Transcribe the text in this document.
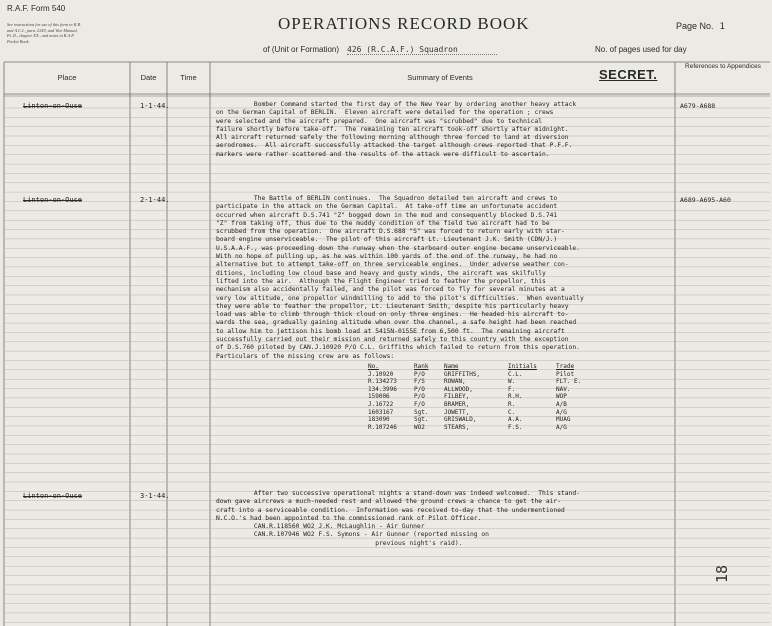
R.A.F. Form 540
See instructions for use of this form in K.R. and A.C.I., para. 2349, and War Manual, Pt. II., chapter XX., and notes in R.A.F. Pocket Book.
OPERATIONS RECORD BOOK	Page No. 1
of (Unit or Formation) 426 (R.C.A.F.) Squadron	No. of pages used for day
Place	Date	Time	Summary of Events	SECRET.
References to Appendices
Linton-on-Ouse	1-1-44.	A679-A688
Bomber Command started the first day of the New Year by ordering another heavy attack
on the German Capital of BERLIN.  Eleven aircraft were detailed for the operation ; crews
were selected and the aircraft prepared.  One aircraft was "scrubbed" due to technical
failure shortly before take-off.  The remaining ten aircraft took-off shortly after midnight.
All aircraft returned safely the following morning although three forced to land at diversion
aerodromes.  All aircraft successfully attacked the target although crews reported that P.F.F.
markers were rather scattered and the results of the attack were difficult to ascertain.
Linton-on-Ouse	2-1-44.	A689-A695-A60
The Battle of BERLIN continues.  The Squadron detailed ten aircraft and crews to
participate in the attack on the German Capital.  At take-off time an unfortunate accident
occurred when aircraft D.S.741 "Z" bogged down in the mud and consequently blocked D.S.741
"Z" from taking off, thus due to the muddy condition of the field two aircraft had to be
scrubbed from the operation.  One aircraft D.S.688 "S" was forced to return early with star-
board engine unserviceable.  The pilot of this aircraft Lt. Lieutenant J.K. Smith (CDN/J.)
U.S.A.A.F., was proceeding down the runway when the starboard outer engine became unserviceable.
With no hope of pulling up, as he was within 100 yards of the end of the runway, he had no
alternative but to attempt take-off on three serviceable engines.  Under adverse weather con-
ditions, including low cloud base and heavy and gusty winds, the aircraft was skilfully
lifted into the air.  Although the Flight Engineer tried to feather the propellor, this
mechanism also accidentally failed, and the pilot was forced to fly for several minutes at a
very low altitude, one propellor windmilling to add to the pilot's difficulties.  When eventually
they were able to feather the propellor, Lt. Lieutenant Smith, despite his particularly heavy
load was able to climb through thick cloud on only three engines.  He headed his aircraft to-
wards the sea, gradually gaining altitude when over the channel, a safe height had been reached
to allow him to jettison his bomb load at 5415N-0155E from 6,500 ft.  The remaining aircraft
successfully carried out their mission and returned safely to this country with the exception
of D.S.760 piloted by CAN.J.10920 P/O C.L. Griffiths which failed to return from this operation.
Particulars of the missing crew are as follows:
No.	Rank	Name	Initials	Trade
J.10920	P/O	GRIFFITHS,	C.L.	Pilot
R.134273	F/S	ROWAN,	W.	FLT. E.
134.3996	P/O	ALLWOOD,	F.	NAV.
159006	P/O	FILBEY,	R.H.	WOP
J.16722	F/O	BRAMER,	R.	A/B
1603167	Sgt.	JOWETT,	C.	A/G
183090	Sgt.	GRISWALD,	A.A.	MUAG
R.107246	WO2	STEARS,	F.S.	A/G
Linton-on-Ouse	3-1-44.	After two successive operational nights a stand-down was indeed welcomed.  This stand-
down gave aircrews a much-needed rest and allowed the ground crews a chance to get the air-
craft into a serviceable condition.  Information was received to-day that the undermentioned
N.C.O.'s had been appointed to the commissioned rank of Pilot Officer.
CAN.R.118560 WO2 J.K. McLaughlin - Air Gunner
CAN.R.107946 WO2 F.S. Symons - Air Gunner (reported missing on
previous night's raid).
18
